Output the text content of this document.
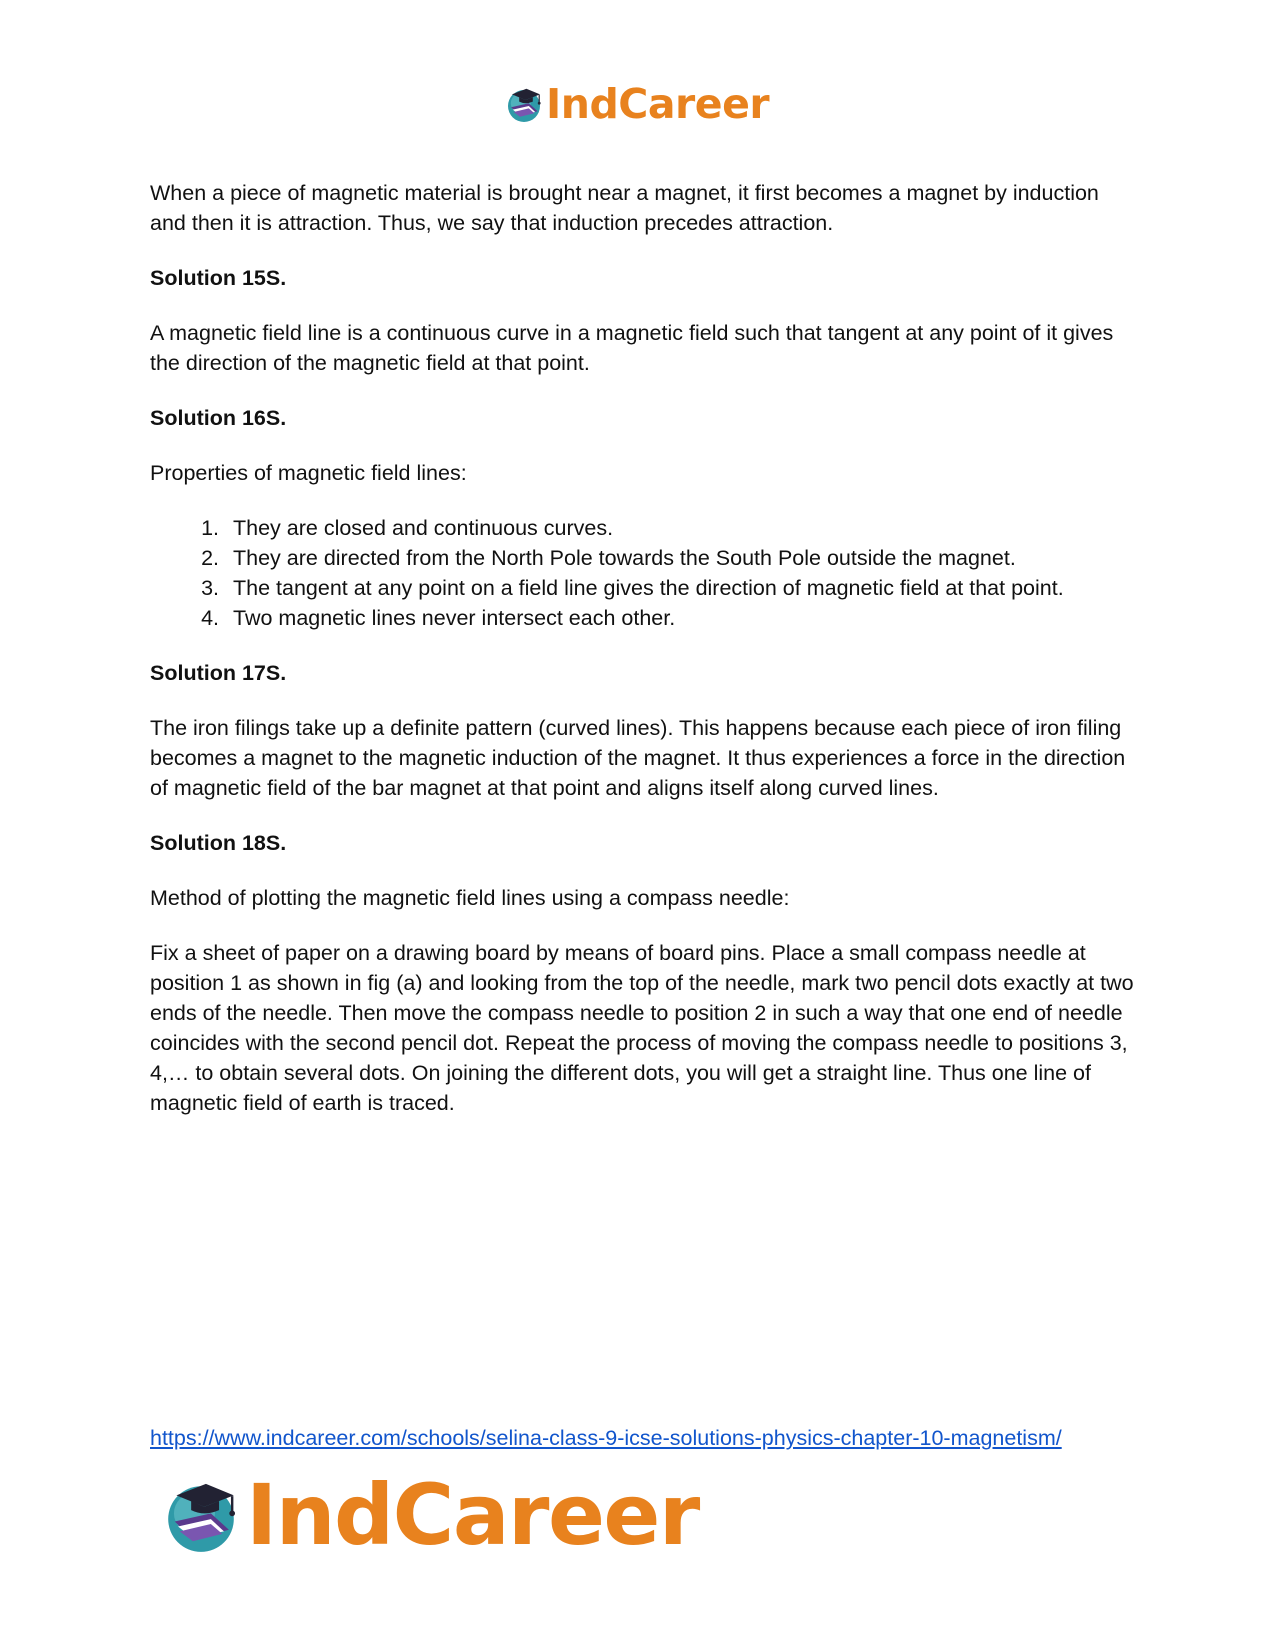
IndCareer

When a piece of magnetic material is brought near a magnet, it first becomes a magnet by induction and then it is attraction. Thus, we say that induction precedes attraction.

Solution 15S.

A magnetic field line is a continuous curve in a magnetic field such that tangent at any point of it gives the direction of the magnetic field at that point.

Solution 16S.

Properties of magnetic field lines:

1. They are closed and continuous curves.
2. They are directed from the North Pole towards the South Pole outside the magnet.
3. The tangent at any point on a field line gives the direction of magnetic field at that point.
4. Two magnetic lines never intersect each other.
Solution 17S.

The iron filings take up a definite pattern (curved lines). This happens because each piece of iron filing becomes a magnet to the magnetic induction of the magnet. It thus experiences a force in the direction of magnetic field of the bar magnet at that point and aligns itself along curved lines.

Solution 18S.

Method of plotting the magnetic field lines using a compass needle:

Fix a sheet of paper on a drawing board by means of board pins. Place a small compass needle at position 1 as shown in fig (a) and looking from the top of the needle, mark two pencil dots exactly at two ends of the needle. Then move the compass needle to position 2 in such a way that one end of needle coincides with the second pencil dot. Repeat the process of moving the compass needle to positions 3, 4,… to obtain several dots. On joining the different dots, you will get a straight line. Thus one line of magnetic field of earth is traced.

https://www.indcareer.com/schools/selina-class-9-icse-solutions-physics-chapter-10-magnetism/
IndCareer
